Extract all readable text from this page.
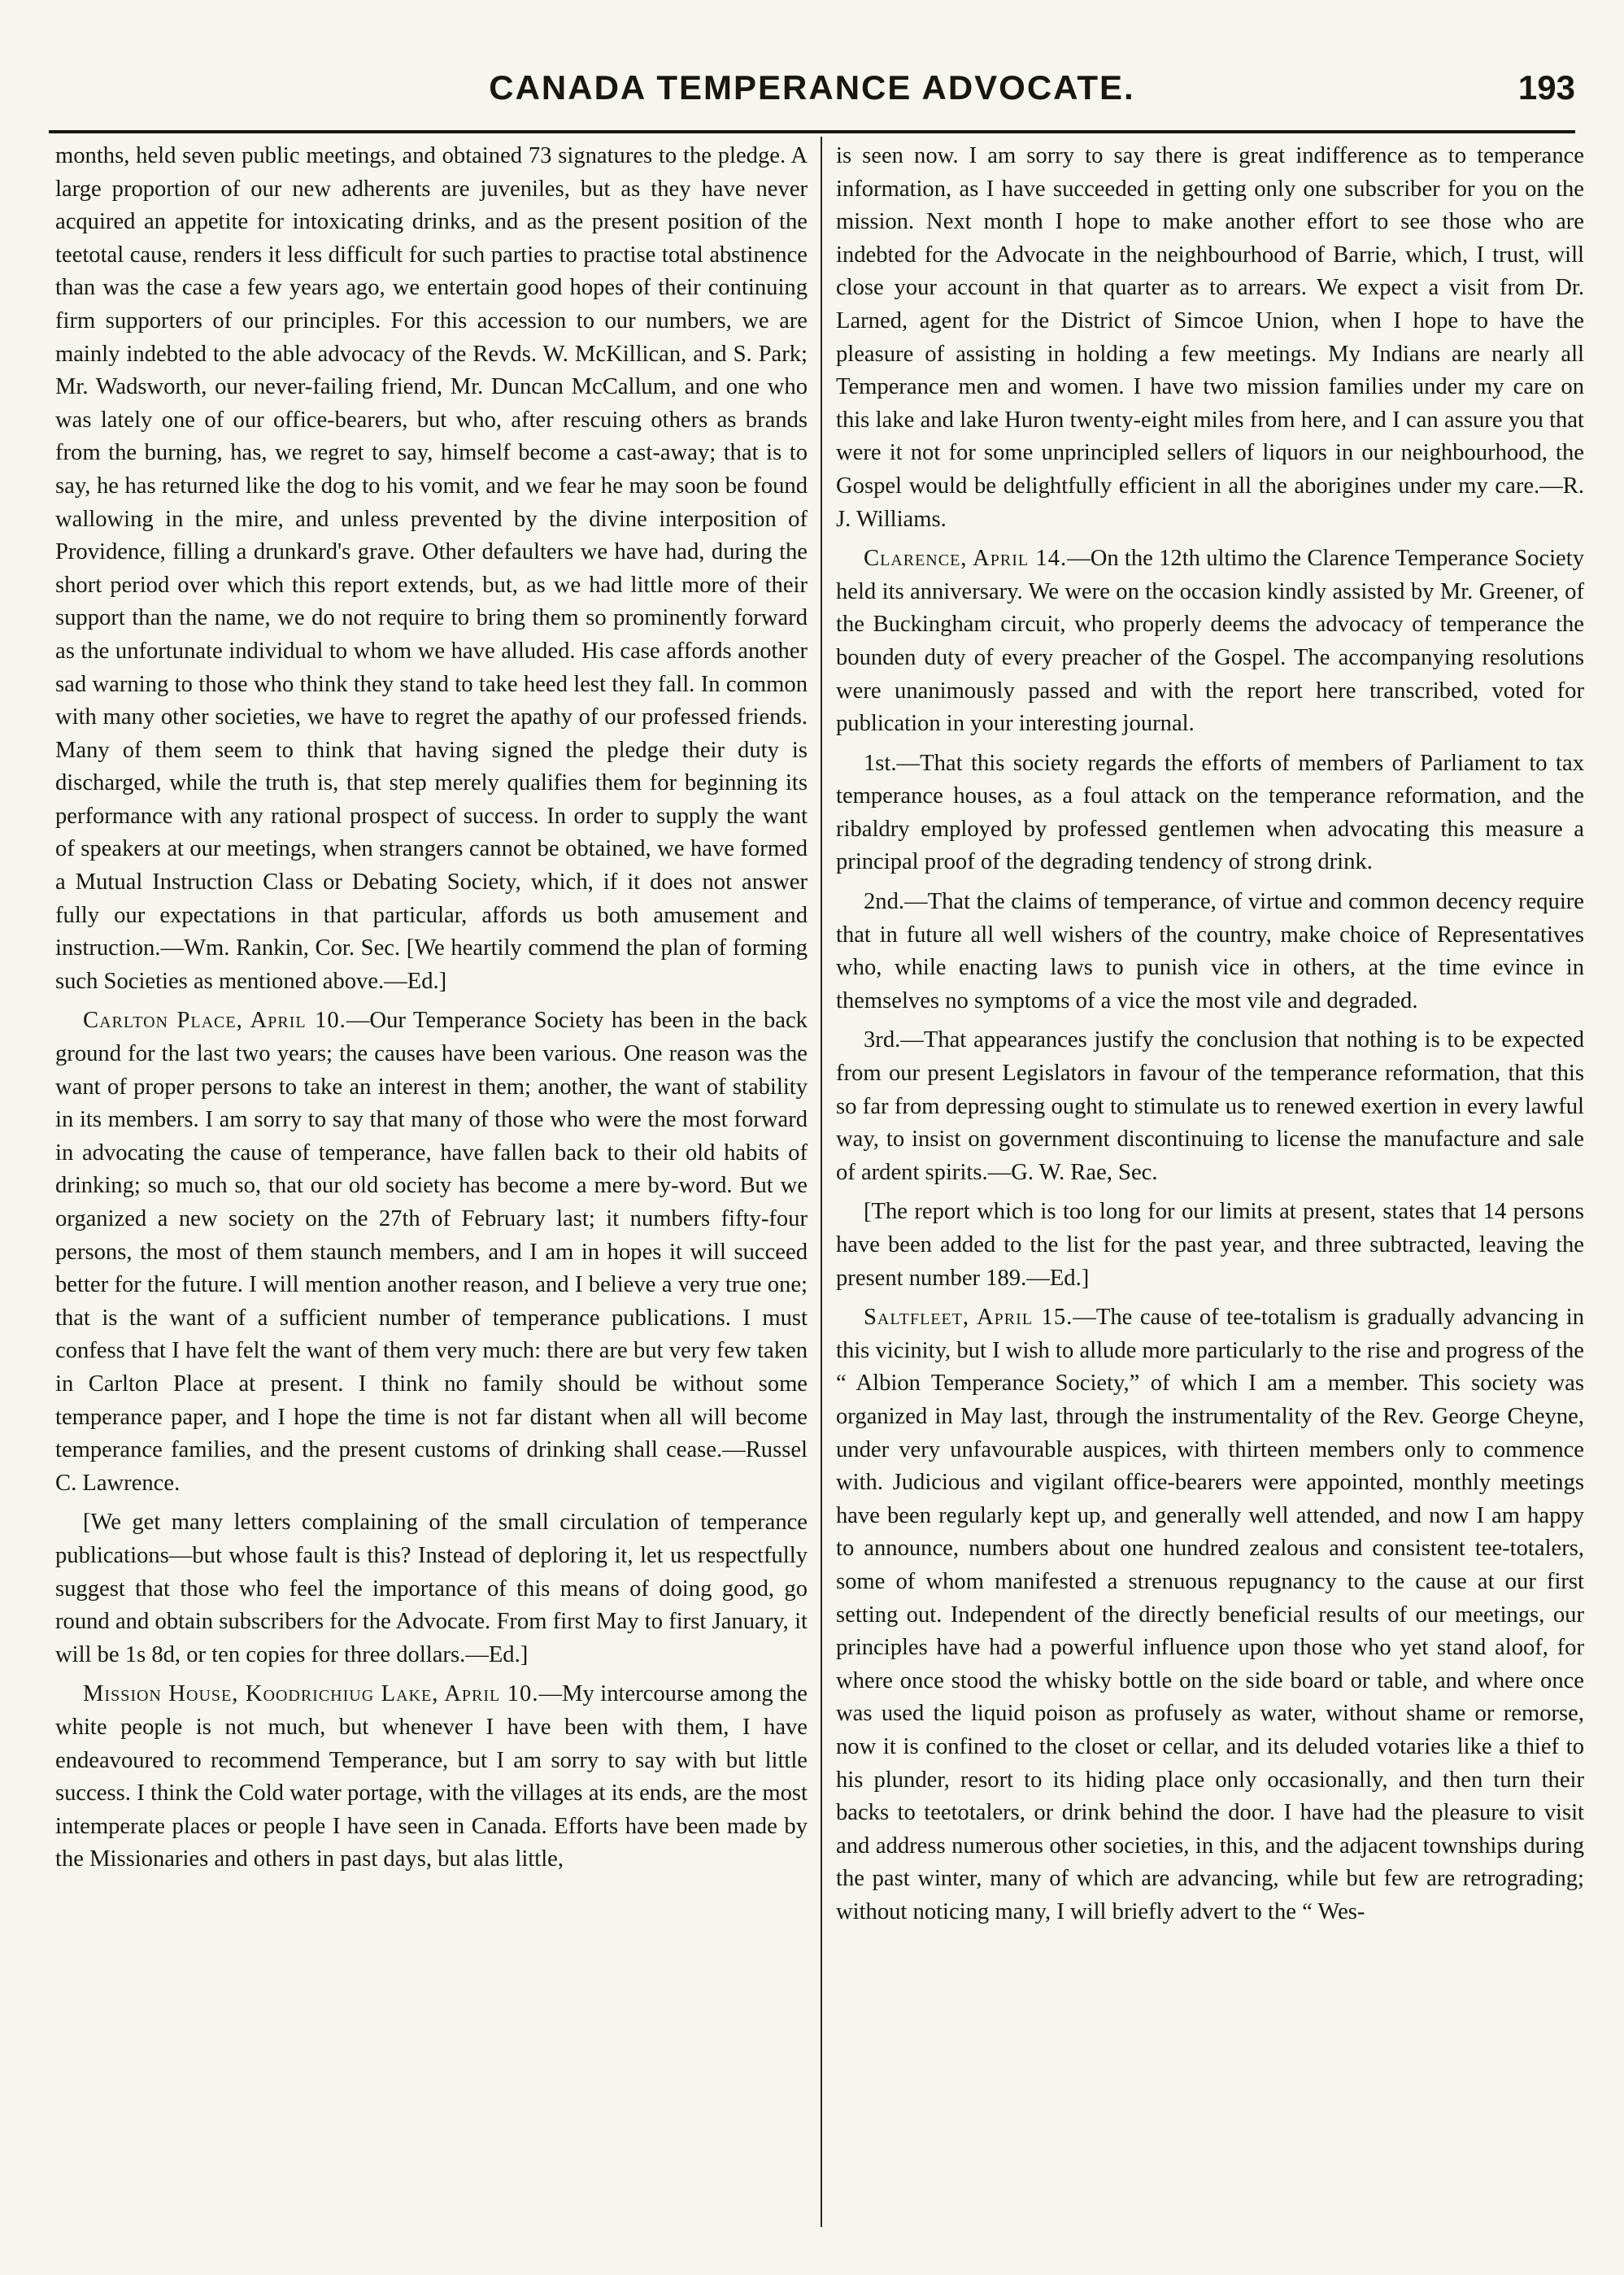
CANADA TEMPERANCE ADVOCATE.	193

months, held seven public meetings, and obtained 73 signatures to the pledge. A large proportion of our new adherents are juveniles, but as they have never acquired an appetite for intoxicating drinks, and as the present position of the teetotal cause, renders it less difficult for such parties to practise total abstinence than was the case a few years ago, we entertain good hopes of their continuing firm supporters of our principles. For this accession to our numbers, we are mainly indebted to the able advocacy of the Revds. W. McKillican, and S. Park; Mr. Wadsworth, our never-failing friend, Mr. Duncan McCallum, and one who was lately one of our office-bearers, but who, after rescuing others as brands from the burning, has, we regret to say, himself become a cast-away; that is to say, he has returned like the dog to his vomit, and we fear he may soon be found wallowing in the mire, and unless prevented by the divine interposition of Providence, filling a drunkard's grave. Other defaulters we have had, during the short period over which this report extends, but, as we had little more of their support than the name, we do not require to bring them so prominently forward as the unfortunate individual to whom we have alluded. His case affords another sad warning to those who think they stand to take heed lest they fall. In common with many other societies, we have to regret the apathy of our professed friends. Many of them seem to think that having signed the pledge their duty is discharged, while the truth is, that step merely qualifies them for beginning its performance with any rational prospect of success. In order to supply the want of speakers at our meetings, when strangers cannot be obtained, we have formed a Mutual Instruction Class or Debating Society, which, if it does not answer fully our expectations in that particular, affords us both amusement and instruction.—Wm. Rankin, Cor. Sec. [We heartily commend the plan of forming such Societies as mentioned above.—Ed.]

Carlton Place, April 10.—Our Temperance Society has been in the back ground for the last two years; the causes have been various. One reason was the want of proper persons to take an interest in them; another, the want of stability in its members. I am sorry to say that many of those who were the most forward in advocating the cause of temperance, have fallen back to their old habits of drinking; so much so, that our old society has become a mere by-word. But we organized a new society on the 27th of February last; it numbers fifty-four persons, the most of them staunch members, and I am in hopes it will succeed better for the future. I will mention another reason, and I believe a very true one; that is the want of a sufficient number of temperance publications. I must confess that I have felt the want of them very much: there are but very few taken in Carlton Place at present. I think no family should be without some temperance paper, and I hope the time is not far distant when all will become temperance families, and the present customs of drinking shall cease.—Russel C. Lawrence.

[We get many letters complaining of the small circulation of temperance publications—but whose fault is this? Instead of deploring it, let us respectfully suggest that those who feel the importance of this means of doing good, go round and obtain subscribers for the Advocate. From first May to first January, it will be 1s 8d, or ten copies for three dollars.—Ed.]

Mission House, Koodrichiug Lake, April 10.—My intercourse among the white people is not much, but whenever I have been with them, I have endeavoured to recommend Temperance, but I am sorry to say with but little success. I think the Cold water portage, with the villages at its ends, are the most intemperate places or people I have seen in Canada. Efforts have been made by the Missionaries and others in past days, but alas little,

is seen now. I am sorry to say there is great indifference as to temperance information, as I have succeeded in getting only one subscriber for you on the mission. Next month I hope to make another effort to see those who are indebted for the Advocate in the neighbourhood of Barrie, which, I trust, will close your account in that quarter as to arrears. We expect a visit from Dr. Larned, agent for the District of Simcoe Union, when I hope to have the pleasure of assisting in holding a few meetings. My Indians are nearly all Temperance men and women. I have two mission families under my care on this lake and lake Huron twenty-eight miles from here, and I can assure you that were it not for some unprincipled sellers of liquors in our neighbourhood, the Gospel would be delightfully efficient in all the aborigines under my care.—R. J. Williams.

Clarence, April 14.—On the 12th ultimo the Clarence Temperance Society held its anniversary. We were on the occasion kindly assisted by Mr. Greener, of the Buckingham circuit, who properly deems the advocacy of temperance the bounden duty of every preacher of the Gospel. The accompanying resolutions were unanimously passed and with the report here transcribed, voted for publication in your interesting journal.

1st.—That this society regards the efforts of members of Parliament to tax temperance houses, as a foul attack on the temperance reformation, and the ribaldry employed by professed gentlemen when advocating this measure a principal proof of the degrading tendency of strong drink.

2nd.—That the claims of temperance, of virtue and common decency require that in future all well wishers of the country, make choice of Representatives who, while enacting laws to punish vice in others, at the time evince in themselves no symptoms of a vice the most vile and degraded.

3rd.—That appearances justify the conclusion that nothing is to be expected from our present Legislators in favour of the temperance reformation, that this so far from depressing ought to stimulate us to renewed exertion in every lawful way, to insist on government discontinuing to license the manufacture and sale of ardent spirits.—G. W. Rae, Sec.

[The report which is too long for our limits at present, states that 14 persons have been added to the list for the past year, and three subtracted, leaving the present number 189.—Ed.]

Saltfleet, April 15.—The cause of tee-totalism is gradually advancing in this vicinity, but I wish to allude more particularly to the rise and progress of the “ Albion Temperance Society,” of which I am a member. This society was organized in May last, through the instrumentality of the Rev. George Cheyne, under very unfavourable auspices, with thirteen members only to commence with. Judicious and vigilant office-bearers were appointed, monthly meetings have been regularly kept up, and generally well attended, and now I am happy to announce, numbers about one hundred zealous and consistent tee-totalers, some of whom manifested a strenuous repugnancy to the cause at our first setting out. Independent of the directly beneficial results of our meetings, our principles have had a powerful influence upon those who yet stand aloof, for where once stood the whisky bottle on the side board or table, and where once was used the liquid poison as profusely as water, without shame or remorse, now it is confined to the closet or cellar, and its deluded votaries like a thief to his plunder, resort to its hiding place only occasionally, and then turn their backs to teetotalers, or drink behind the door. I have had the pleasure to visit and address numerous other societies, in this, and the adjacent townships during the past winter, many of which are advancing, while but few are retrograding; without noticing many, I will briefly advert to the “ Wes-
